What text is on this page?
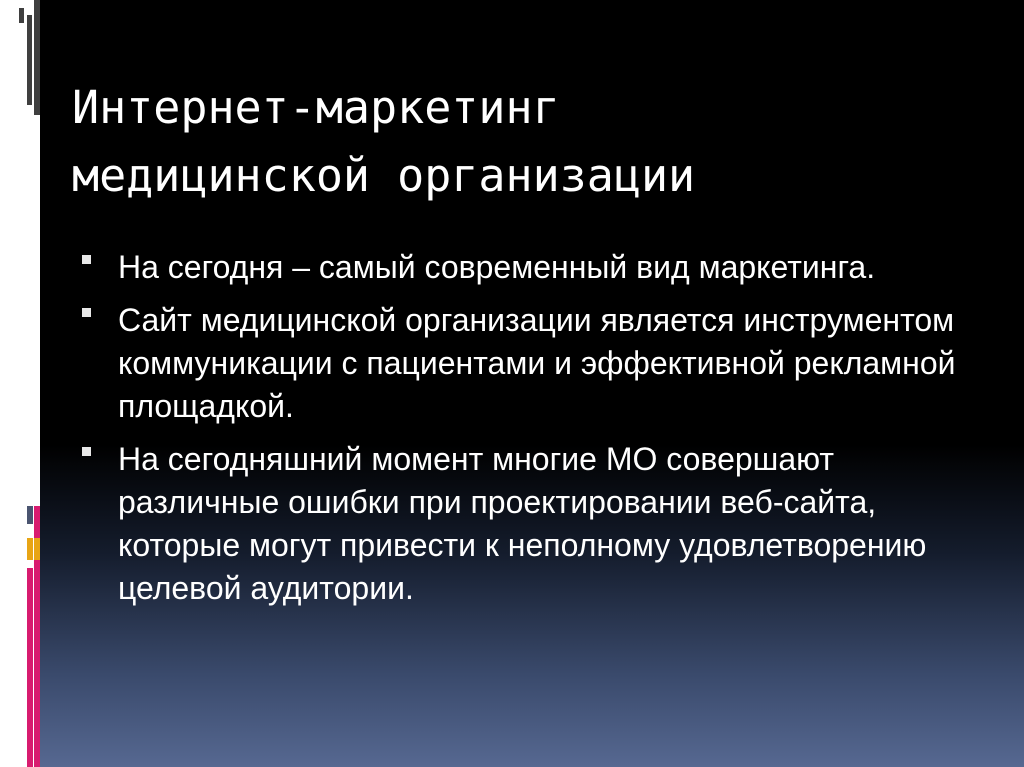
Интернет-маркетинг
медицинской организации
На сегодня – самый современный вид маркетинга.
Сайт медицинской организации является инструментом коммуникации с пациентами и эффективной рекламной площадкой.
На сегодняшний момент многие МО совершают различные ошибки при проектировании веб-сайта, которые могут привести к неполному удовлетворению целевой аудитории.
